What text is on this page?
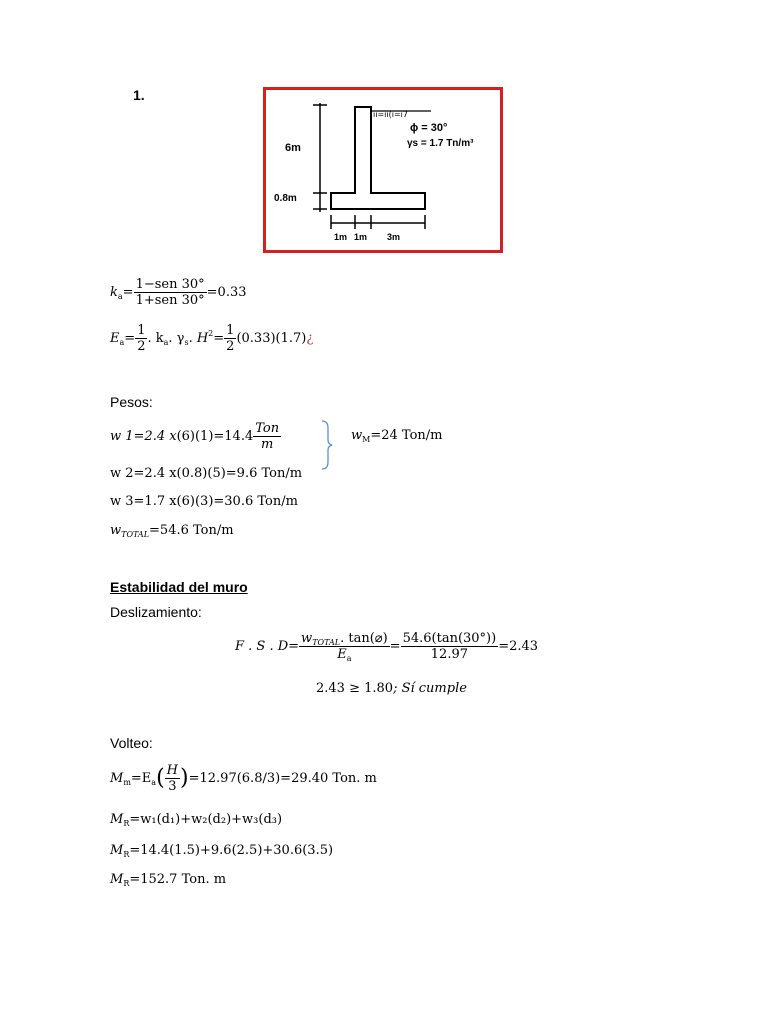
1.
ıı=ıı(ı=ı7
6m
0.8m
1m 1m 3m
ϕ = 30°
γs = 1.7 Tn/m³
$k_a= \frac{\text{1−sen 30°}}{\text{1+sen 30°}} =0.33$
$E_a= \frac{1}{2}$ . $k_a$. $\gamma_s$. $H^2= \frac{1}{2}$ (0.33)(1.7)¿
Pesos:
w 1=2.4 $x(6)(1)=14.4 \frac{\text{Ton}}{m}$	$w_M=24$ Ton/m
w 2=2.4 x(0.8)(5)=9.6 Ton/m
w 3=1.7 x(6)(3)=30.6 Ton/m
$w_{TOTAL}=54.6$ Ton/m
Estabilidad del muro
Deslizamiento:
F . S . $D= \frac{w_{TOTAL}. \tan(⌀)}{E_a} = \frac{54.6(\tan(30^\circ))}{12.97} =2.43$
2.43 ≥ 1.80; Sí cumple
Volteo:
$M_m=E_a( \frac{H}{3} )=12.97(6.8/3)=29.40$ Ton. m
$M_R=w_1(d_1)+w_2(d_2)+w_3(d_3)$
$M_R=14.4(1.5)+9.6(2.5)+30.6(3.5)$
$M_R=152.7$ Ton. m
